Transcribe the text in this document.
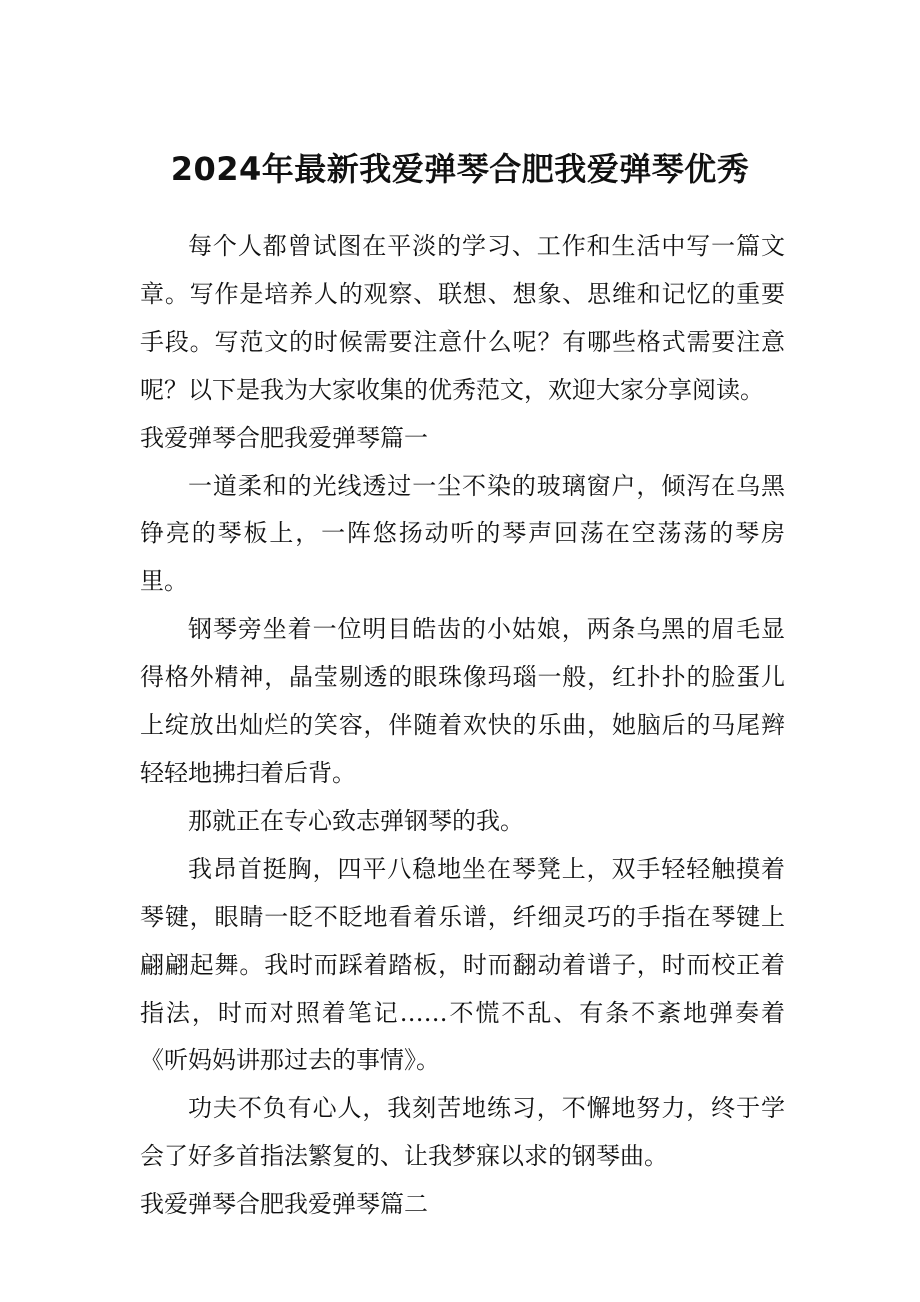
2024年最新我爱弹琴合肥我爱弹琴优秀

每个人都曾试图在平淡的学习、工作和生活中写一篇文章。写作是培养人的观察、联想、想象、思维和记忆的重要手段。写范文的时候需要注意什么呢？有哪些格式需要注意呢？以下是我为大家收集的优秀范文，欢迎大家分享阅读。

我爱弹琴合肥我爱弹琴篇一

一道柔和的光线透过一尘不染的玻璃窗户，倾泻在乌黑铮亮的琴板上，一阵悠扬动听的琴声回荡在空荡荡的琴房里。

钢琴旁坐着一位明目皓齿的小姑娘，两条乌黑的眉毛显得格外精神，晶莹剔透的眼珠像玛瑙一般，红扑扑的脸蛋儿上绽放出灿烂的笑容，伴随着欢快的乐曲，她脑后的马尾辫轻轻地拂扫着后背。

那就正在专心致志弹钢琴的我。

我昂首挺胸，四平八稳地坐在琴凳上，双手轻轻触摸着琴键，眼睛一眨不眨地看着乐谱，纤细灵巧的手指在琴键上翩翩起舞。我时而踩着踏板，时而翻动着谱子，时而校正着指法，时而对照着笔记……不慌不乱、有条不紊地弹奏着《听妈妈讲那过去的事情》。

功夫不负有心人，我刻苦地练习，不懈地努力，终于学会了好多首指法繁复的、让我梦寐以求的钢琴曲。

我爱弹琴合肥我爱弹琴篇二
